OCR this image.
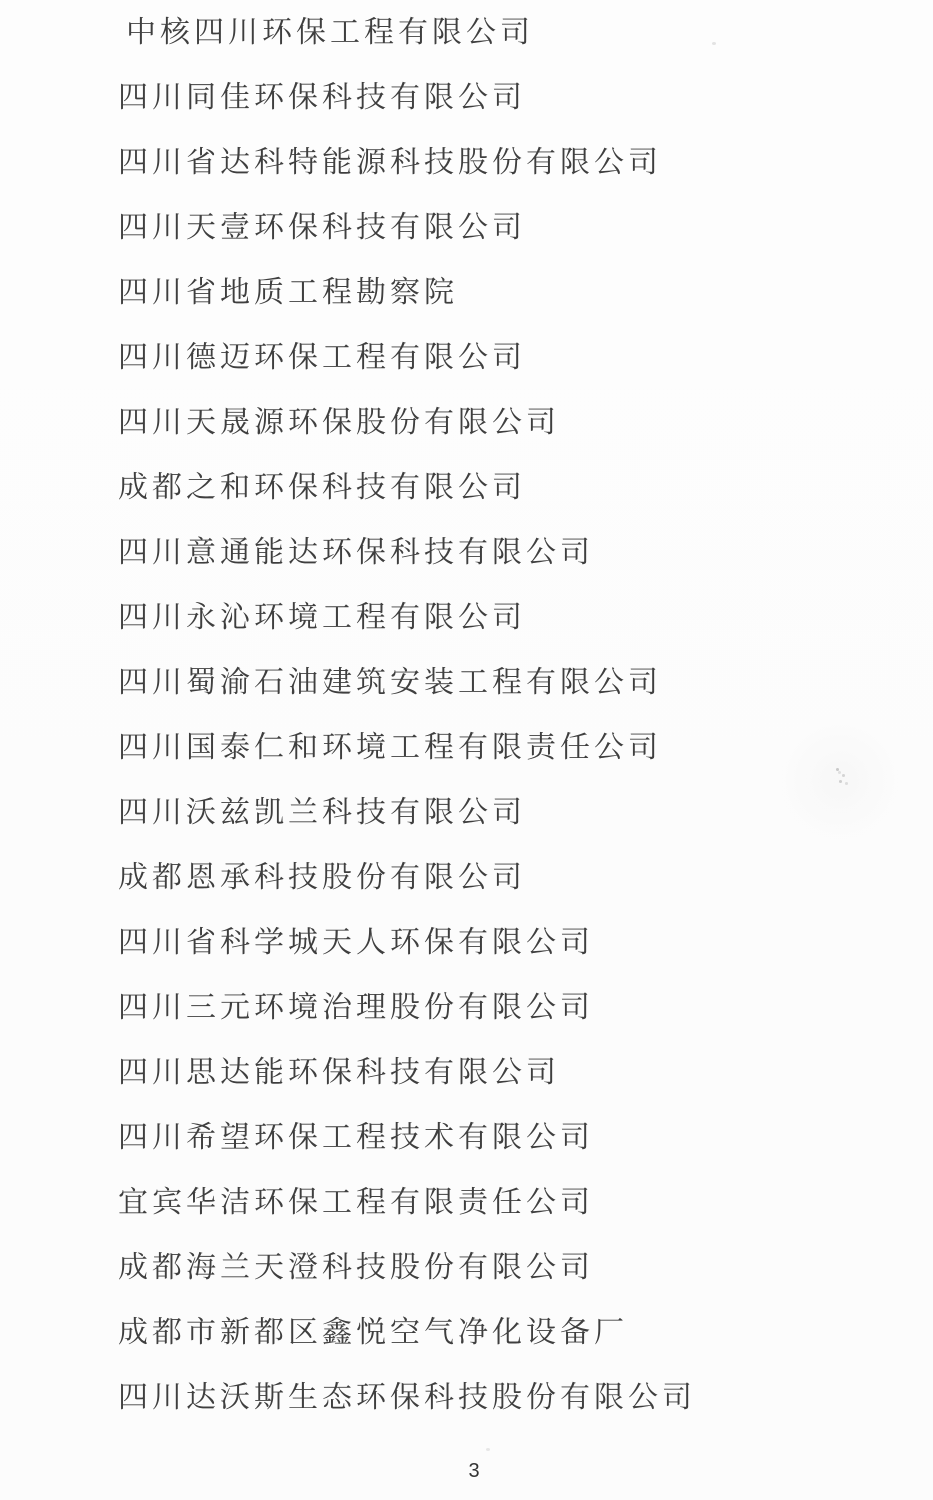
中核四川环保工程有限公司
四川同佳环保科技有限公司
四川省达科特能源科技股份有限公司
四川天壹环保科技有限公司
四川省地质工程勘察院
四川德迈环保工程有限公司
四川天晟源环保股份有限公司
成都之和环保科技有限公司
四川意通能达环保科技有限公司
四川永沁环境工程有限公司
四川蜀渝石油建筑安装工程有限公司
四川国泰仁和环境工程有限责任公司
四川沃兹凯兰科技有限公司
成都恩承科技股份有限公司
四川省科学城天人环保有限公司
四川三元环境治理股份有限公司
四川思达能环保科技有限公司
四川希望环保工程技术有限公司
宜宾华洁环保工程有限责任公司
成都海兰天澄科技股份有限公司
成都市新都区鑫悦空气净化设备厂
四川达沃斯生态环保科技股份有限公司
3
